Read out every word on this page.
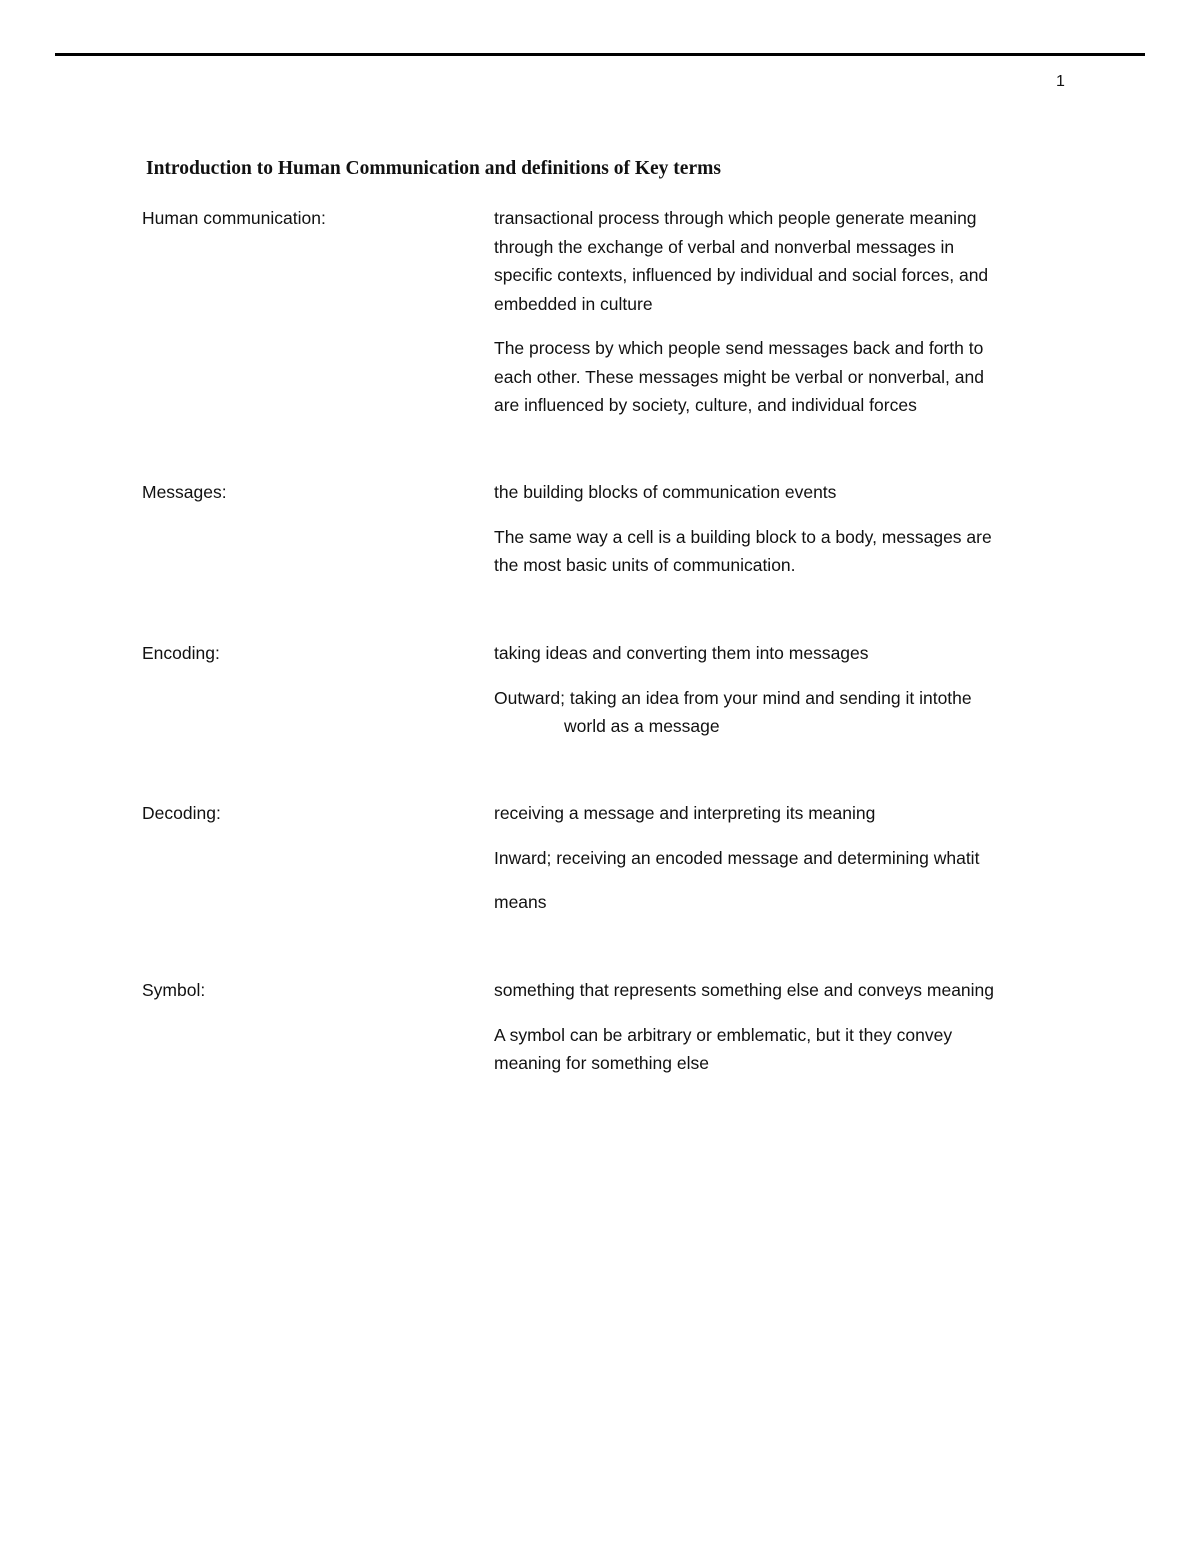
1
Introduction to Human Communication and definitions of Key terms
Human communication:	transactional process through which people generate meaning
through the exchange of verbal and nonverbal messages in
specific contexts, influenced by individual and social forces, and
embedded in culture
The process by which people send messages back and forth to
each other. These messages might be verbal or nonverbal, and
are influenced by society, culture, and individual forces
Messages:	the building blocks of communication events
The same way a cell is a building block to a body, messages are
the most basic units of communication.
Encoding:	taking ideas and converting them into messages
Outward; taking an idea from your mind and sending it intothe
world as a message
Decoding:	receiving a message and interpreting its meaning
Inward; receiving an encoded message and determining whatit
means
Symbol:	something that represents something else and conveys meaning
A symbol can be arbitrary or emblematic, but it they convey
meaning for something else
